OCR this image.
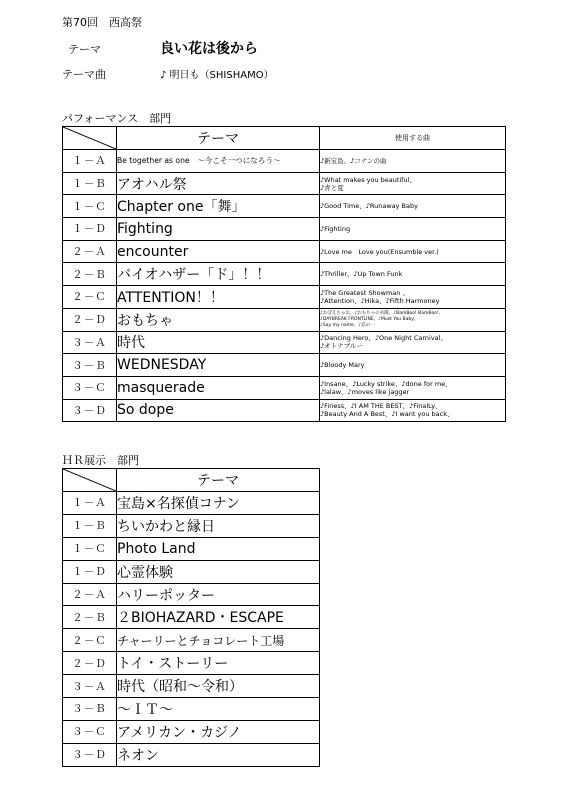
第70回　西高祭
テーマ	良い花は後から
テーマ曲	♪ 明日も（SHISHAMO）
パフォーマンス　部門
	テーマ	使用する曲
１－Ａ	Be together as one　～今こそ一つになろう～	♪新宝島、♪コナンの曲

１－Ｂ	アオハル祭	♪What makes you beautiful、
♪青と夏

１－Ｃ	Chapter one「舞」	♪Good Time、♪Runaway Baby

１－Ｄ	Fighting	♪Fighting

２－Ａ	encounter	♪Love me　Love you(Ensumble ver.)

２－Ｂ	バイオハザー「ド」！！	♪Thriller、♪Up Town Funk

２－Ｃ	ATTENTION！！	♪The Greatest Showman 、
♪Attention、♪Hika、♪Fifth Harmoney

２－Ｄ	おもちゃ	♪おぼえちゃお、♪おもちゃの兵隊、♪BamBoo! BamBoo!、
♪DAYBREAK FRONTLINE、♪Must You Baby、
♪Say my name、♪忍の一

３－Ａ	時代	♪Dancing Hero、♪One Night Carnival、
♪オトナブルー

３－Ｂ	WEDNESDAY	♪Bloody Mary

３－Ｃ	masquerade	♪Insane、♪Lucky strike、♪done for me、
♪lalaw、♪moves like jagger

３－Ｄ	So dope	♪Finess、♪I AM THE BEST、♪FinalLy、
♪Beauty And A Best、♪I want you back、
ＨＲ展示　部門
	テーマ
１－Ａ	宝島×名探偵コナン
１－Ｂ	ちいかわと縁日
１－Ｃ	Photo Land
１－Ｄ	心霊体験
２－Ａ	ハリーポッター
２－Ｂ	２BIOHAZARD・ESCAPE
２－Ｃ	チャーリーとチョコレート工場
２－Ｄ	トイ・ストーリー
３－Ａ	時代（昭和～令和）
３－Ｂ	～ＩＴ～
３－Ｃ	アメリカン・カジノ
３－Ｄ	ネオン
